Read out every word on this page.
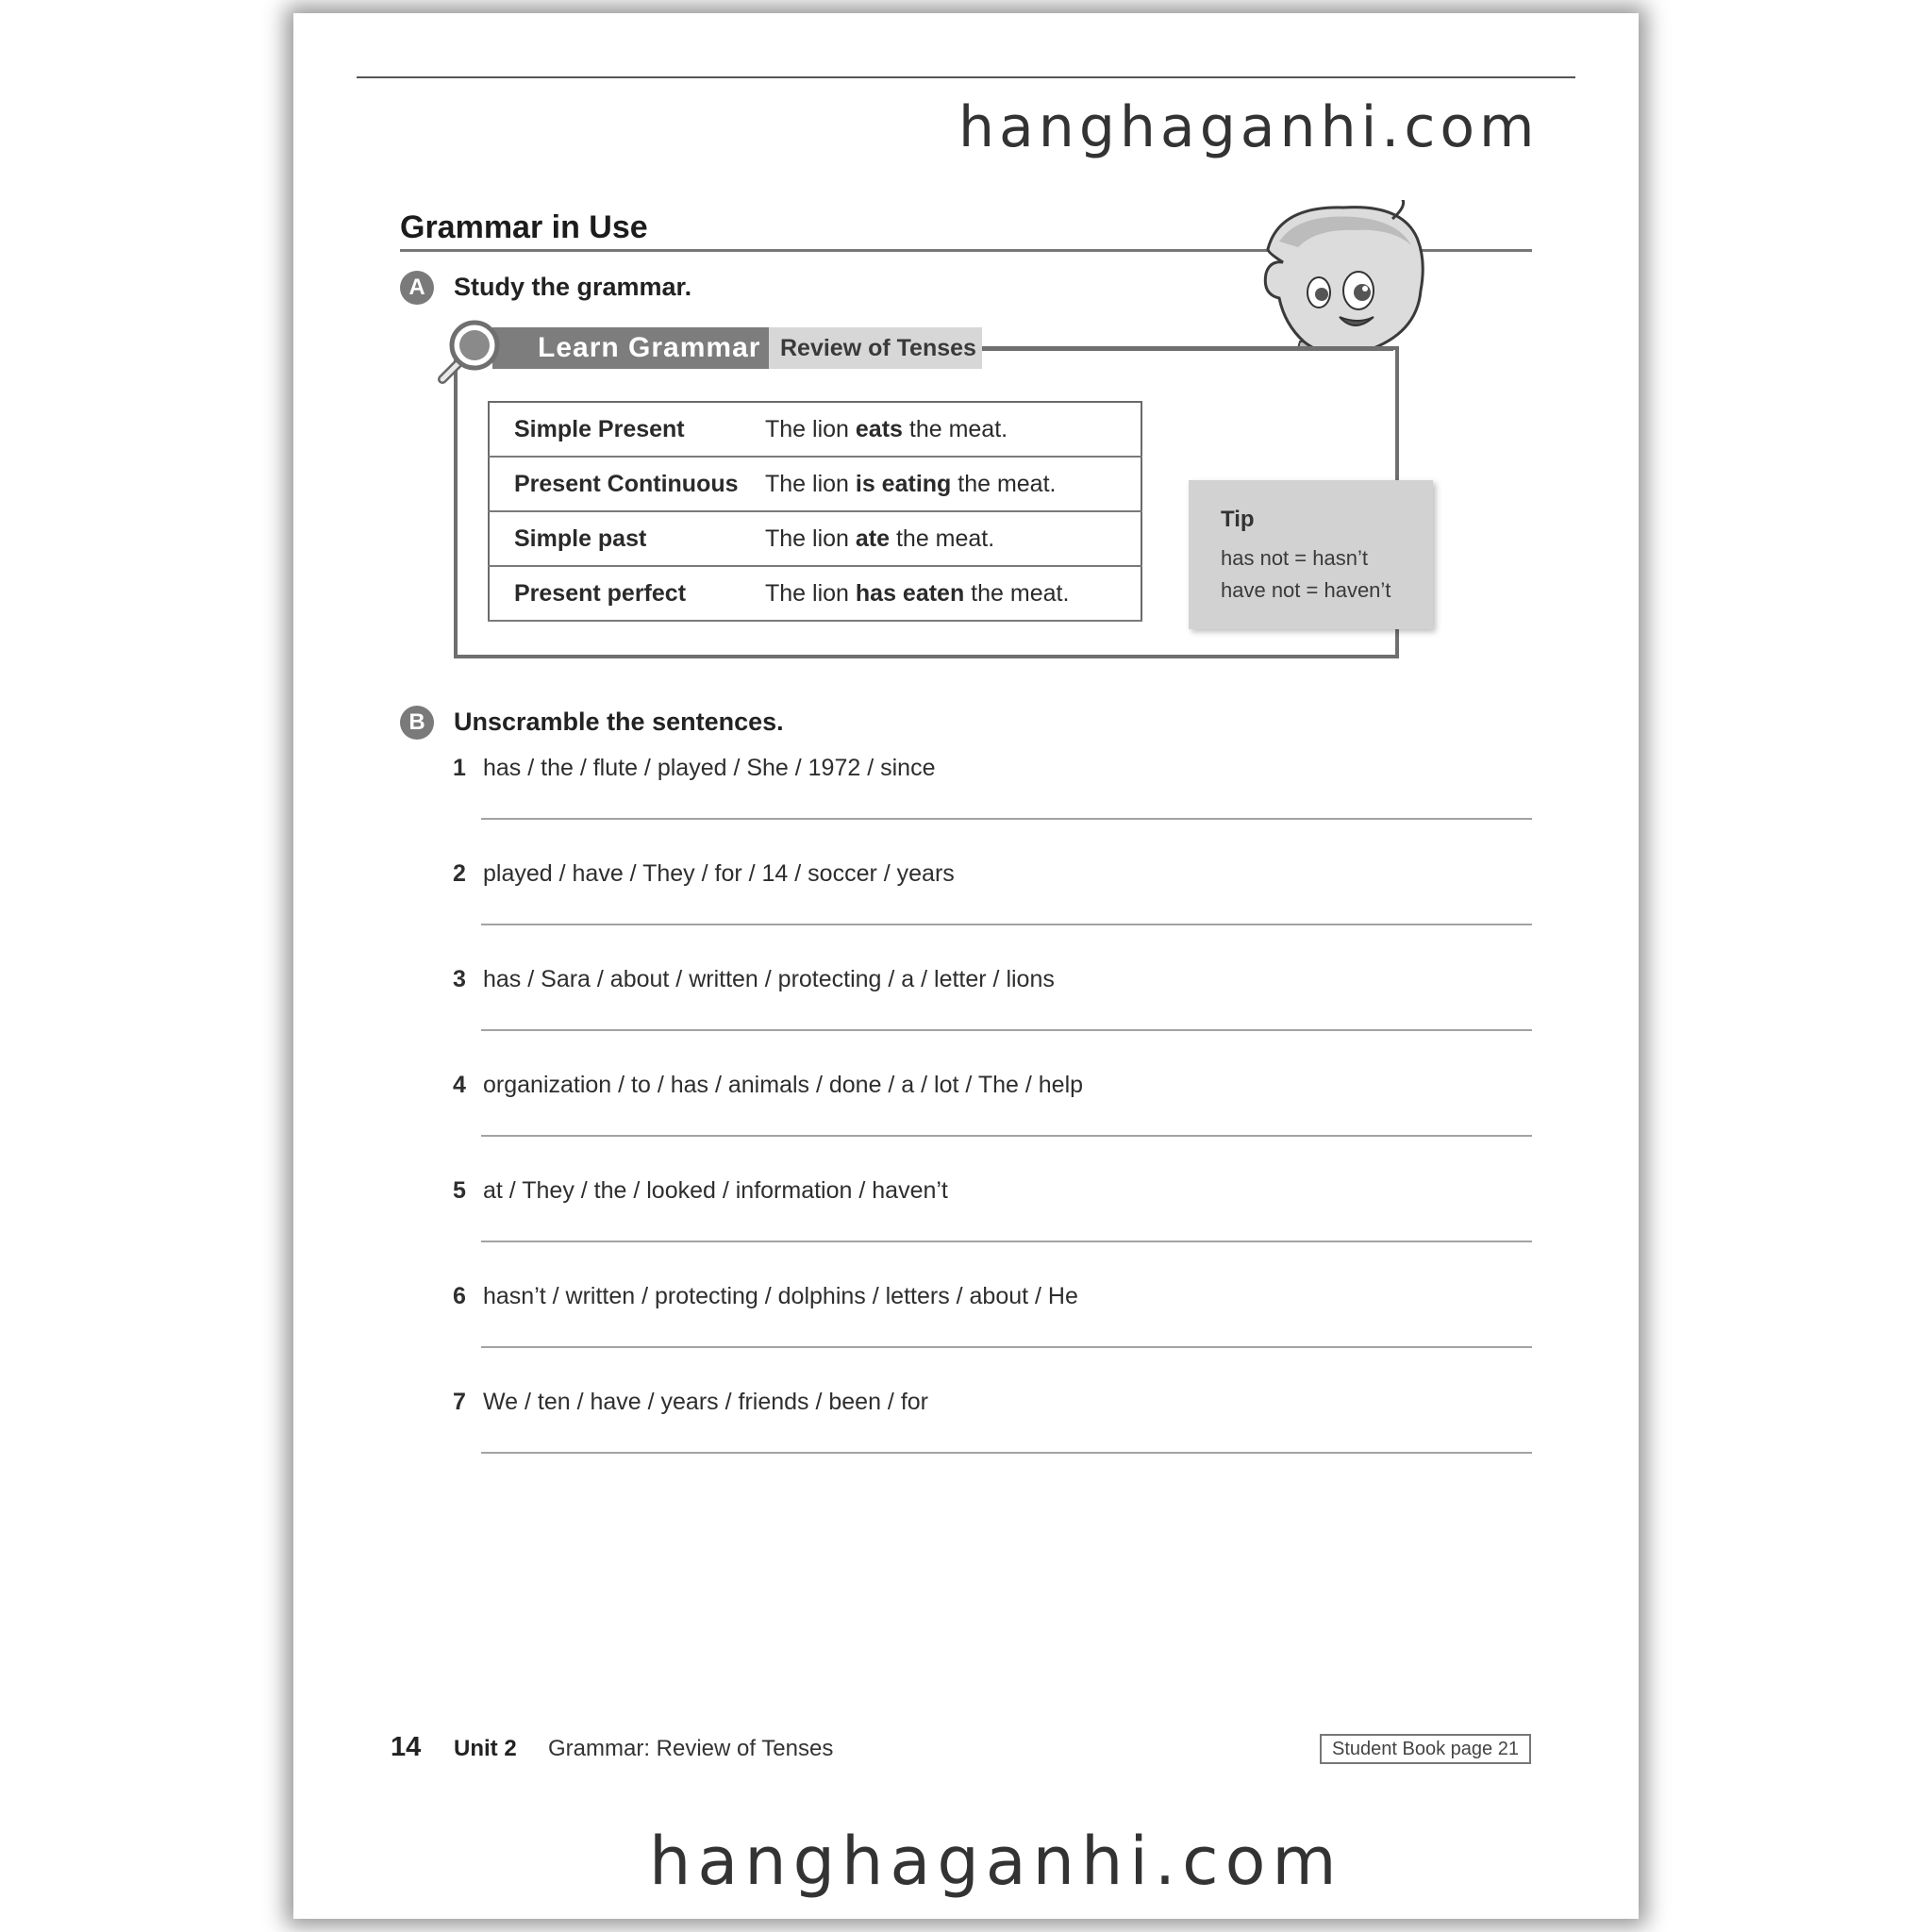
hanghaganhi.com
Grammar in Use
A	Study the grammar.
Learn Grammar Review of Tenses
Simple Present	The lion eats the meat.
Present Continuous	The lion is eating the meat.
Simple past	The lion ate the meat.
Present perfect	The lion has eaten the meat.
Tip
has not = hasn’t
have not = haven’t
B	Unscramble the sentences.
1 has / the / flute / played / She / 1972 / since
2 played / have / They / for / 14 / soccer / years
3 has / Sara / about / written / protecting / a / letter / lions
4 organization / to / has / animals / done / a / lot / The / help
5 at / They / the / looked / information / haven’t
6 hasn’t / written / protecting / dolphins / letters / about / He
7 We / ten / have / years / friends / been / for
14 Unit 2 Grammar: Review of Tenses	Student Book page 21
hanghaganhi.com
